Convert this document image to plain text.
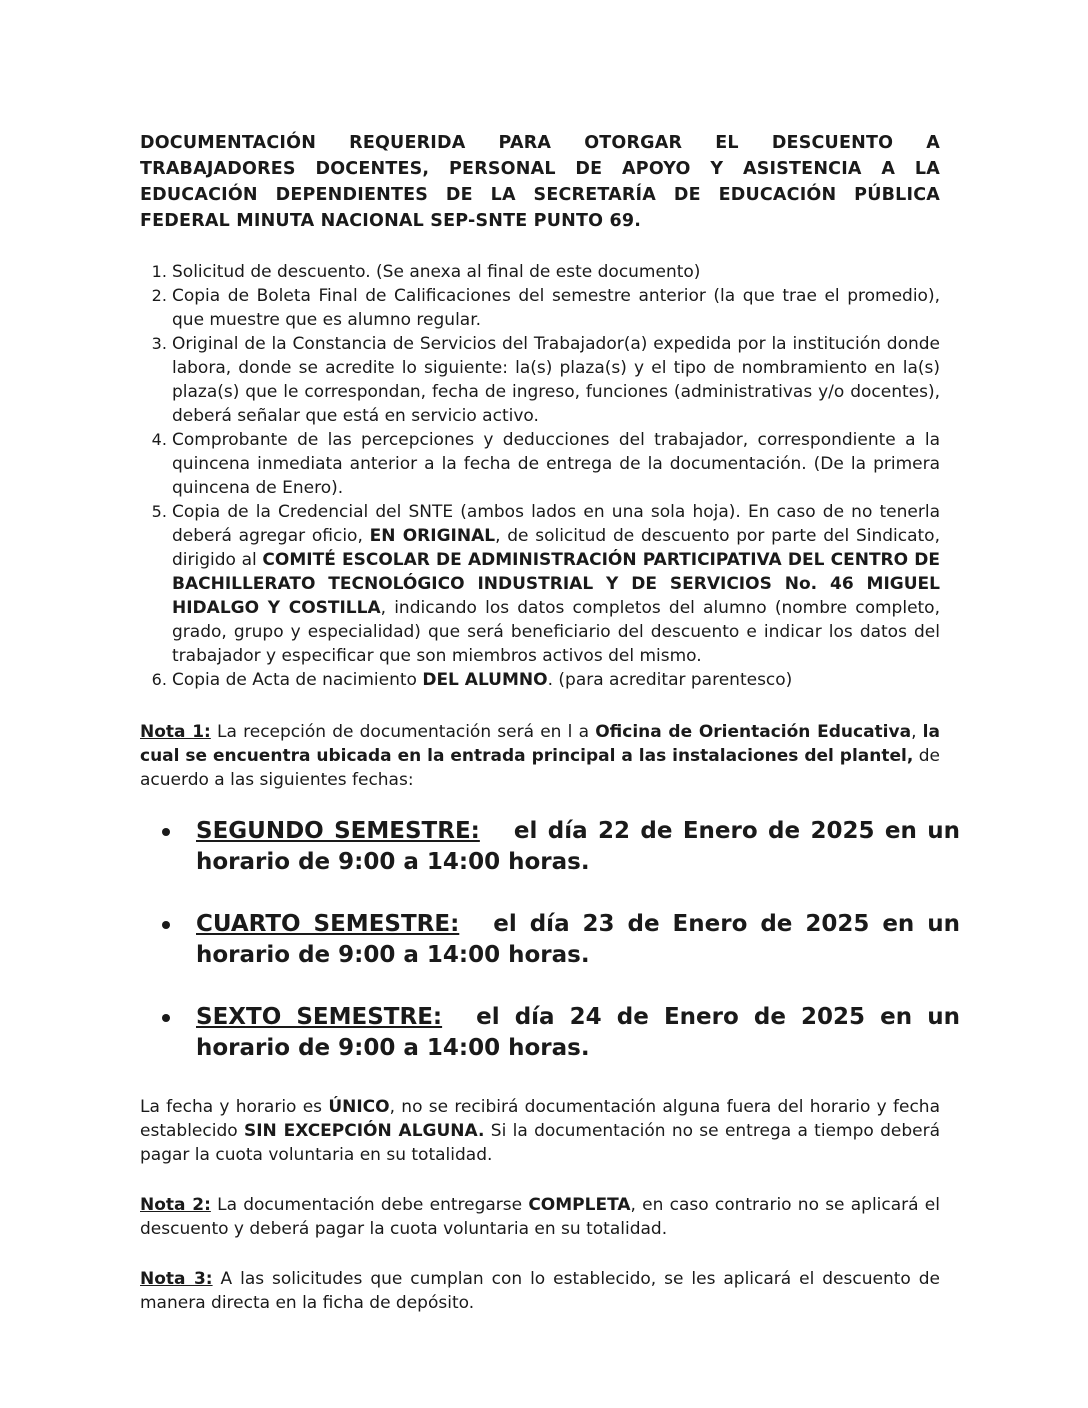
DOCUMENTACIÓN REQUERIDA PARA OTORGAR EL DESCUENTO A TRABAJADORES DOCENTES, PERSONAL DE APOYO Y ASISTENCIA A LA EDUCACIÓN DEPENDIENTES DE LA SECRETARÍA DE EDUCACIÓN PÚBLICA FEDERAL MINUTA NACIONAL SEP-SNTE PUNTO 69.

1. Solicitud de descuento. (Se anexa al final de este documento)
2. Copia de Boleta Final de Calificaciones del semestre anterior (la que trae el promedio), que muestre que es alumno regular.
3. Original de la Constancia de Servicios del Trabajador(a) expedida por la institución donde labora, donde se acredite lo siguiente: la(s) plaza(s) y el tipo de nombramiento en la(s) plaza(s) que le correspondan, fecha de ingreso, funciones (administrativas y/o docentes), deberá señalar que está en servicio activo.
4. Comprobante de las percepciones y deducciones del trabajador, correspondiente a la quincena inmediata anterior a la fecha de entrega de la documentación. (De la primera quincena de Enero).
5. Copia de la Credencial del SNTE (ambos lados en una sola hoja). En caso de no tenerla deberá agregar oficio, EN ORIGINAL, de solicitud de descuento por parte del Sindicato, dirigido al COMITÉ ESCOLAR DE ADMINISTRACIÓN PARTICIPATIVA DEL CENTRO DE BACHILLERATO TECNOLÓGICO INDUSTRIAL Y DE SERVICIOS No. 46 MIGUEL HIDALGO Y COSTILLA, indicando los datos completos del alumno (nombre completo, grado, grupo y especialidad) que será beneficiario del descuento e indicar los datos del trabajador y especificar que son miembros activos del mismo.
6. Copia de Acta de nacimiento DEL ALUMNO. (para acreditar parentesco)

Nota 1: La recepción de documentación será en l a Oficina de Orientación Educativa, la cual se encuentra ubicada en la entrada principal a las instalaciones del plantel, de acuerdo a las siguientes fechas:

SEGUNDO SEMESTRE: el día 22 de Enero de 2025 en un horario de 9:00 a 14:00 horas.
CUARTO SEMESTRE: el día 23 de Enero de 2025 en un horario de 9:00 a 14:00 horas.
SEXTO SEMESTRE: el día 24 de Enero de 2025 en un horario de 9:00 a 14:00 horas.

La fecha y horario es ÚNICO, no se recibirá documentación alguna fuera del horario y fecha establecido SIN EXCEPCIÓN ALGUNA. Si la documentación no se entrega a tiempo deberá pagar la cuota voluntaria en su totalidad.

Nota 2: La documentación debe entregarse COMPLETA, en caso contrario no se aplicará el descuento y deberá pagar la cuota voluntaria en su totalidad.

Nota 3: A las solicitudes que cumplan con lo establecido, se les aplicará el descuento de manera directa en la ficha de depósito.
